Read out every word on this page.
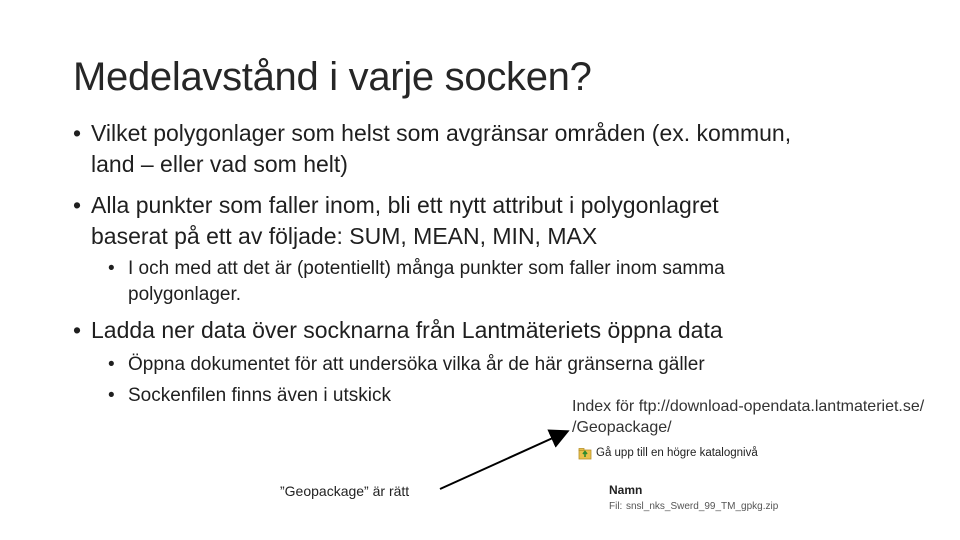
Medelavstånd i varje socken?
• Vilket polygonlager som helst som avgränsar områden (ex. kommun,
land – eller vad som helt)
• Alla punkter som faller inom, bli ett nytt attribut i polygonlagret
baserat på ett av följade: SUM, MEAN, MIN, MAX
• I och med att det är (potentiellt) många punkter som faller inom samma
polygonlager.
• Ladda ner data över socknarna från Lantmäteriets öppna data
• Öppna dokumentet för att undersöka vilka år de här gränserna gäller
• Sockenfilen finns även i utskick
Index för ftp://download-opendata.lantmateriet.se/
/Geopackage/
Gå upp till en högre katalognivå
Namn
Fil: snsl_nks_Swerd_99_TM_gpkg.zip
”Geopackage” är rätt
